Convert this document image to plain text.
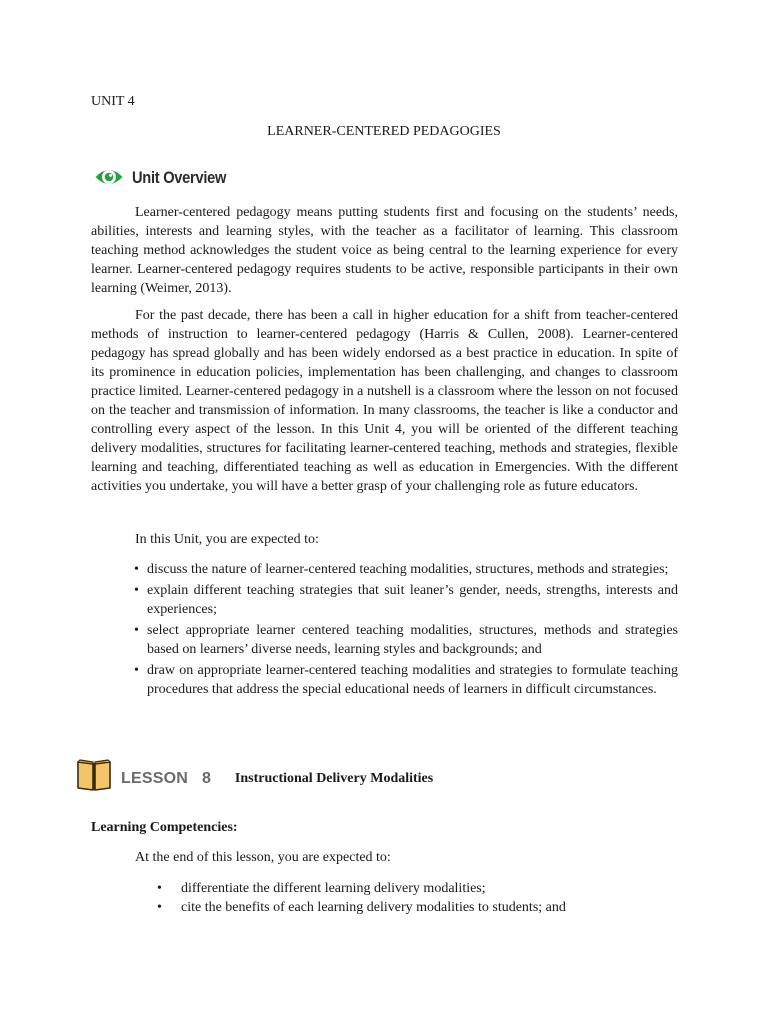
UNIT 4
LEARNER-CENTERED PEDAGOGIES
Unit Overview

Learner-centered pedagogy means putting students first and focusing on the students’ needs, abilities, interests and learning styles, with the teacher as a facilitator of learning. This classroom teaching method acknowledges the student voice as being central to the learning experience for every learner. Learner-centered pedagogy requires students to be active, responsible participants in their own learning (Weimer, 2013).

For the past decade, there has been a call in higher education for a shift from teacher-centered methods of instruction to learner-centered pedagogy (Harris & Cullen, 2008). Learner-centered pedagogy has spread globally and has been widely endorsed as a best practice in education. In spite of its prominence in education policies, implementation has been challenging, and changes to classroom practice limited. Learner-centered pedagogy in a nutshell is a classroom where the lesson on not focused on the teacher and transmission of information. In many classrooms, the teacher is like a conductor and controlling every aspect of the lesson. In this Unit 4, you will be oriented of the different teaching delivery modalities, structures for facilitating learner-centered teaching, methods and strategies, flexible learning and teaching, differentiated teaching as well as education in Emergencies. With the different activities you undertake, you will have a better grasp of your challenging role as future educators.

In this Unit, you are expected to:

• discuss the nature of learner-centered teaching modalities, structures, methods and strategies;
• explain different teaching strategies that suit leaner’s gender, needs, strengths, interests and experiences;
• select appropriate learner centered teaching modalities, structures, methods and strategies based on learners’ diverse needs, learning styles and backgrounds; and
• draw on appropriate learner-centered teaching modalities and strategies to formulate teaching procedures that address the special educational needs of learners in difficult circumstances.
LESSON 8 Instructional Delivery Modalities

Learning Competencies:

At the end of this lesson, you are expected to:

• differentiate the different learning delivery modalities;
• cite the benefits of each learning delivery modalities to students; and
